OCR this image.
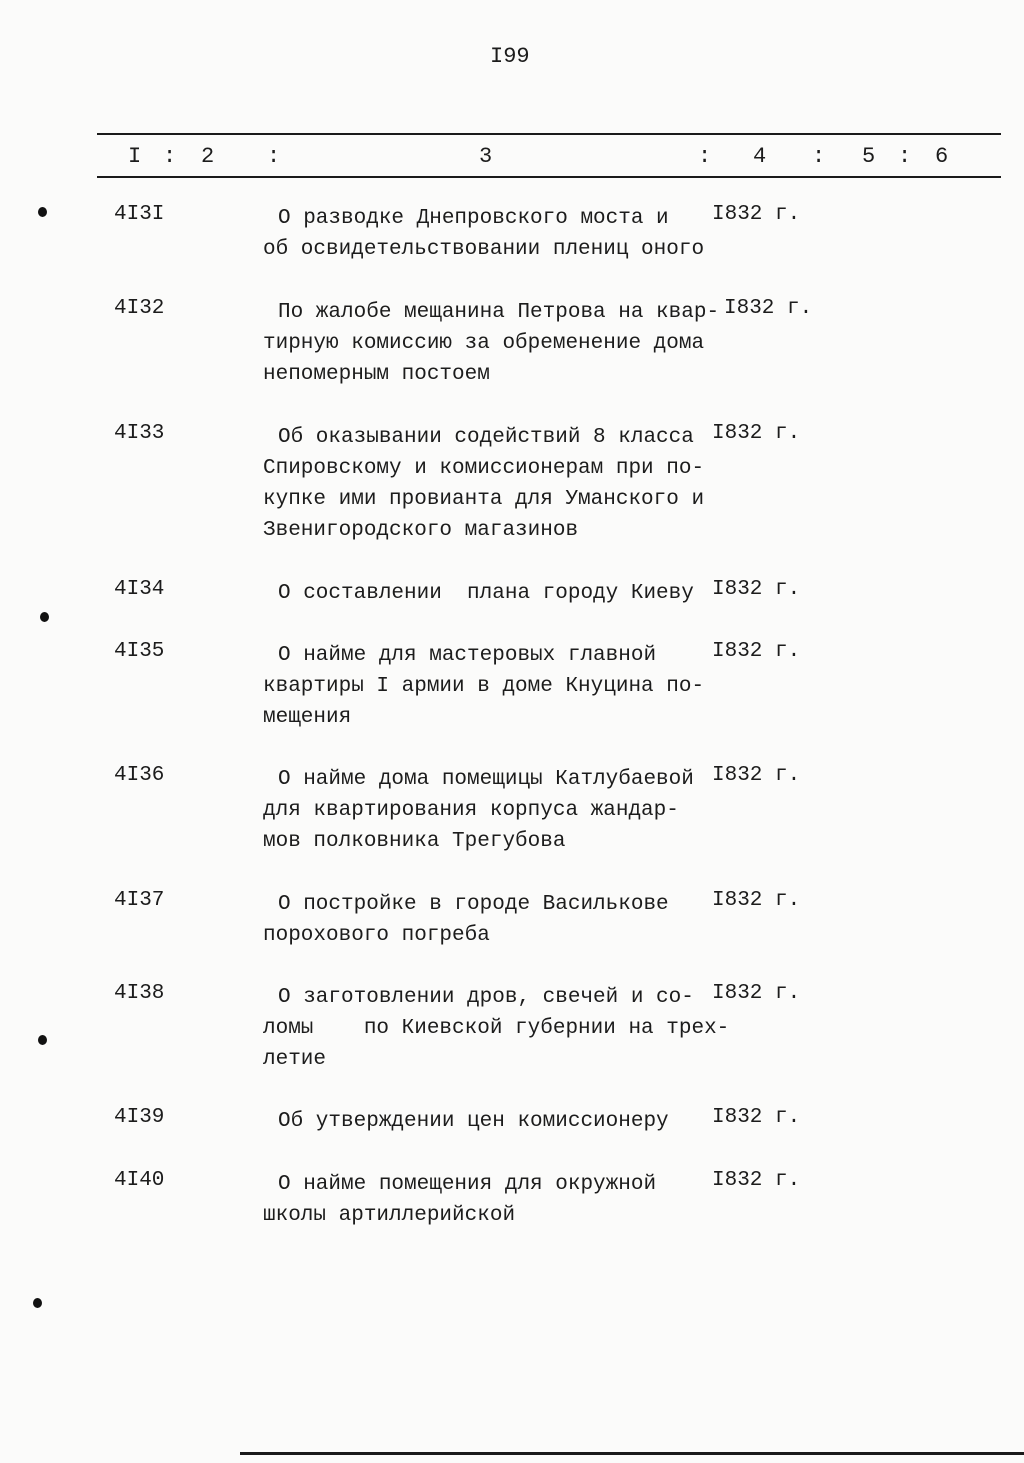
I99
I : 2 :	3	: 4 : 5 : 6
4I3I	О разводке Днепровского моста и
об освидетельствовании плениц оного
I832 г.
4I32	По жалобе мещанина Петрова на квар-
тирную комиссию за обременение дома
непомерным постоем
I832 г.
4I33	Об оказывании содействий 8 класса
Спировскому и комиссионерам при по-
купке ими провианта для Уманского и
Звенигородского магазинов
I832 г.
4I34	О составлении  плана городу Киеву I832 г.
4I35	О найме для мастеровых главной
квартиры I армии в доме Кнуцина по-
мещения
I832 г.
4I36	О найме дома помещицы Катлубаевой
для квартирования корпуса жандар-
мов полковника Трегубова
I832 г.
4I37	О постройке в городе Василькове
порохового погреба
I832 г.
4I38	О заготовлении дров, свечей и со-
ломы    по Киевской губернии на трех-
летие
I832 г.
4I39	Об утверждении цен комиссионеру	I832 г.
4I40	О найме помещения для окружной
школы артиллерийской
I832 г.
